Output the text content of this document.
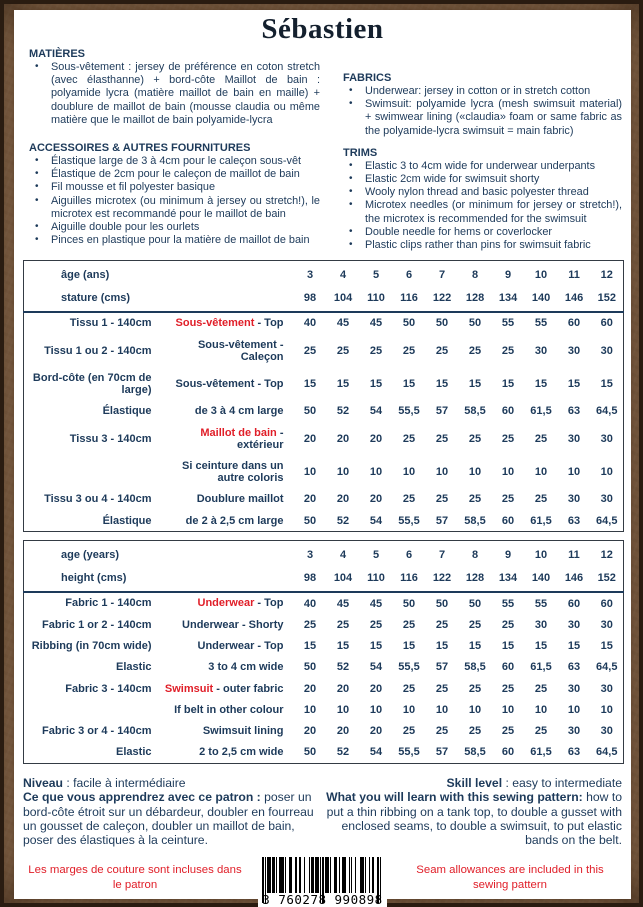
Sébastien
MATIÈRES
• Sous-vêtement : jersey de préférence en coton stretch (avec élasthanne) + bord-côte Maillot de bain : polyamide lycra (matière maillot de bain en maille) + doublure de maillot de bain (mousse claudia ou même matière que le maillot de bain polyamide-lycra
ACCESSOIRES & AUTRES FOURNITURES
• Élastique large de 3 à 4cm pour le caleçon sous-vêt
• Élastique de 2cm pour le caleçon de maillot de bain
• Fil mousse et fil polyester basique
• Aiguilles microtex (ou minimum à jersey ou stretch!), le microtex est recommandé pour le maillot de bain
• Aiguille double pour les ourlets
• Pinces en plastique pour la matière de maillot de bain
FABRICS
• Underwear: jersey in cotton or in stretch cotton
• Swimsuit: polyamide lycra (mesh swimsuit material) + swimwear lining («claudia» foam or same fabric as the polyamide-lycra swimsuit = main fabric)
TRIMS
• Elastic 3 to 4cm wide for underwear underpants
• Elastic 2cm wide for swimsuit shorty
• Wooly nylon thread and basic polyester thread
• Microtex needles (or minimum for jersey or stretch!), the microtex is recommended for the swimsuit
• Double needle for hems or coverlocker
• Plastic clips rather than pins for swimsuit fabric
âge (ans)		3	4	5	6	7	8	9	10	11	12
stature (cms)		98	104	110	116	122	128	134	140	146	152
Tissu 1 - 140cm	Sous-vêtement - Top	40	45	45	50	50	50	55	55	60	60
Tissu 1 ou 2 - 140cm	Sous-vêtement - Caleçon	25	25	25	25	25	25	25	30	30	30
Bord-côte (en 70cm de large)	Sous-vêtement - Top	15	15	15	15	15	15	15	15	15	15
Élastique	de 3 à 4 cm large	50	52	54	55,5	57	58,5	60	61,5	63	64,5
Tissu 3 - 140cm	Maillot de bain - extérieur	20	20	20	25	25	25	25	25	30	30
	Si ceinture dans un autre coloris	10	10	10	10	10	10	10	10	10	10
Tissu 3 ou 4 - 140cm	Doublure maillot	20	20	20	25	25	25	25	25	30	30
Élastique	de 2 à 2,5 cm large	50	52	54	55,5	57	58,5	60	61,5	63	64,5
age (years)		3	4	5	6	7	8	9	10	11	12
height (cms)		98	104	110	116	122	128	134	140	146	152
Fabric 1 - 140cm	Underwear - Top	40	45	45	50	50	50	55	55	60	60
Fabric 1 or 2 - 140cm	Underwear - Shorty	25	25	25	25	25	25	25	30	30	30
Ribbing (in 70cm wide)	Underwear - Top	15	15	15	15	15	15	15	15	15	15
Elastic	3 to 4 cm wide	50	52	54	55,5	57	58,5	60	61,5	63	64,5
Fabric 3 - 140cm	Swimsuit - outer fabric	20	20	20	25	25	25	25	25	30	30
	If belt in other colour	10	10	10	10	10	10	10	10	10	10
Fabric 3 or 4 - 140cm	Swimsuit lining	20	20	20	25	25	25	25	25	30	30
Elastic	2 to 2,5 cm wide	50	52	54	55,5	57	58,5	60	61,5	63	64,5
Niveau : facile à intermédiaire
Ce que vous apprendrez avec ce patron : poser un bord-côte étroit sur un débardeur, doubler en fourreau un gousset de caleçon, doubler un maillot de bain, poser des élastiques à la ceinture.
Skill level : easy to intermediate
What you will learn with this sewing pattern: how to put a thin ribbing on a tank top, to double a gusset with enclosed seams, to double a swimsuit, to put elastic bands on the belt.
Les marges de couture sont incluses dans le patron
3 760278 990898
Seam allowances are included in this sewing pattern
